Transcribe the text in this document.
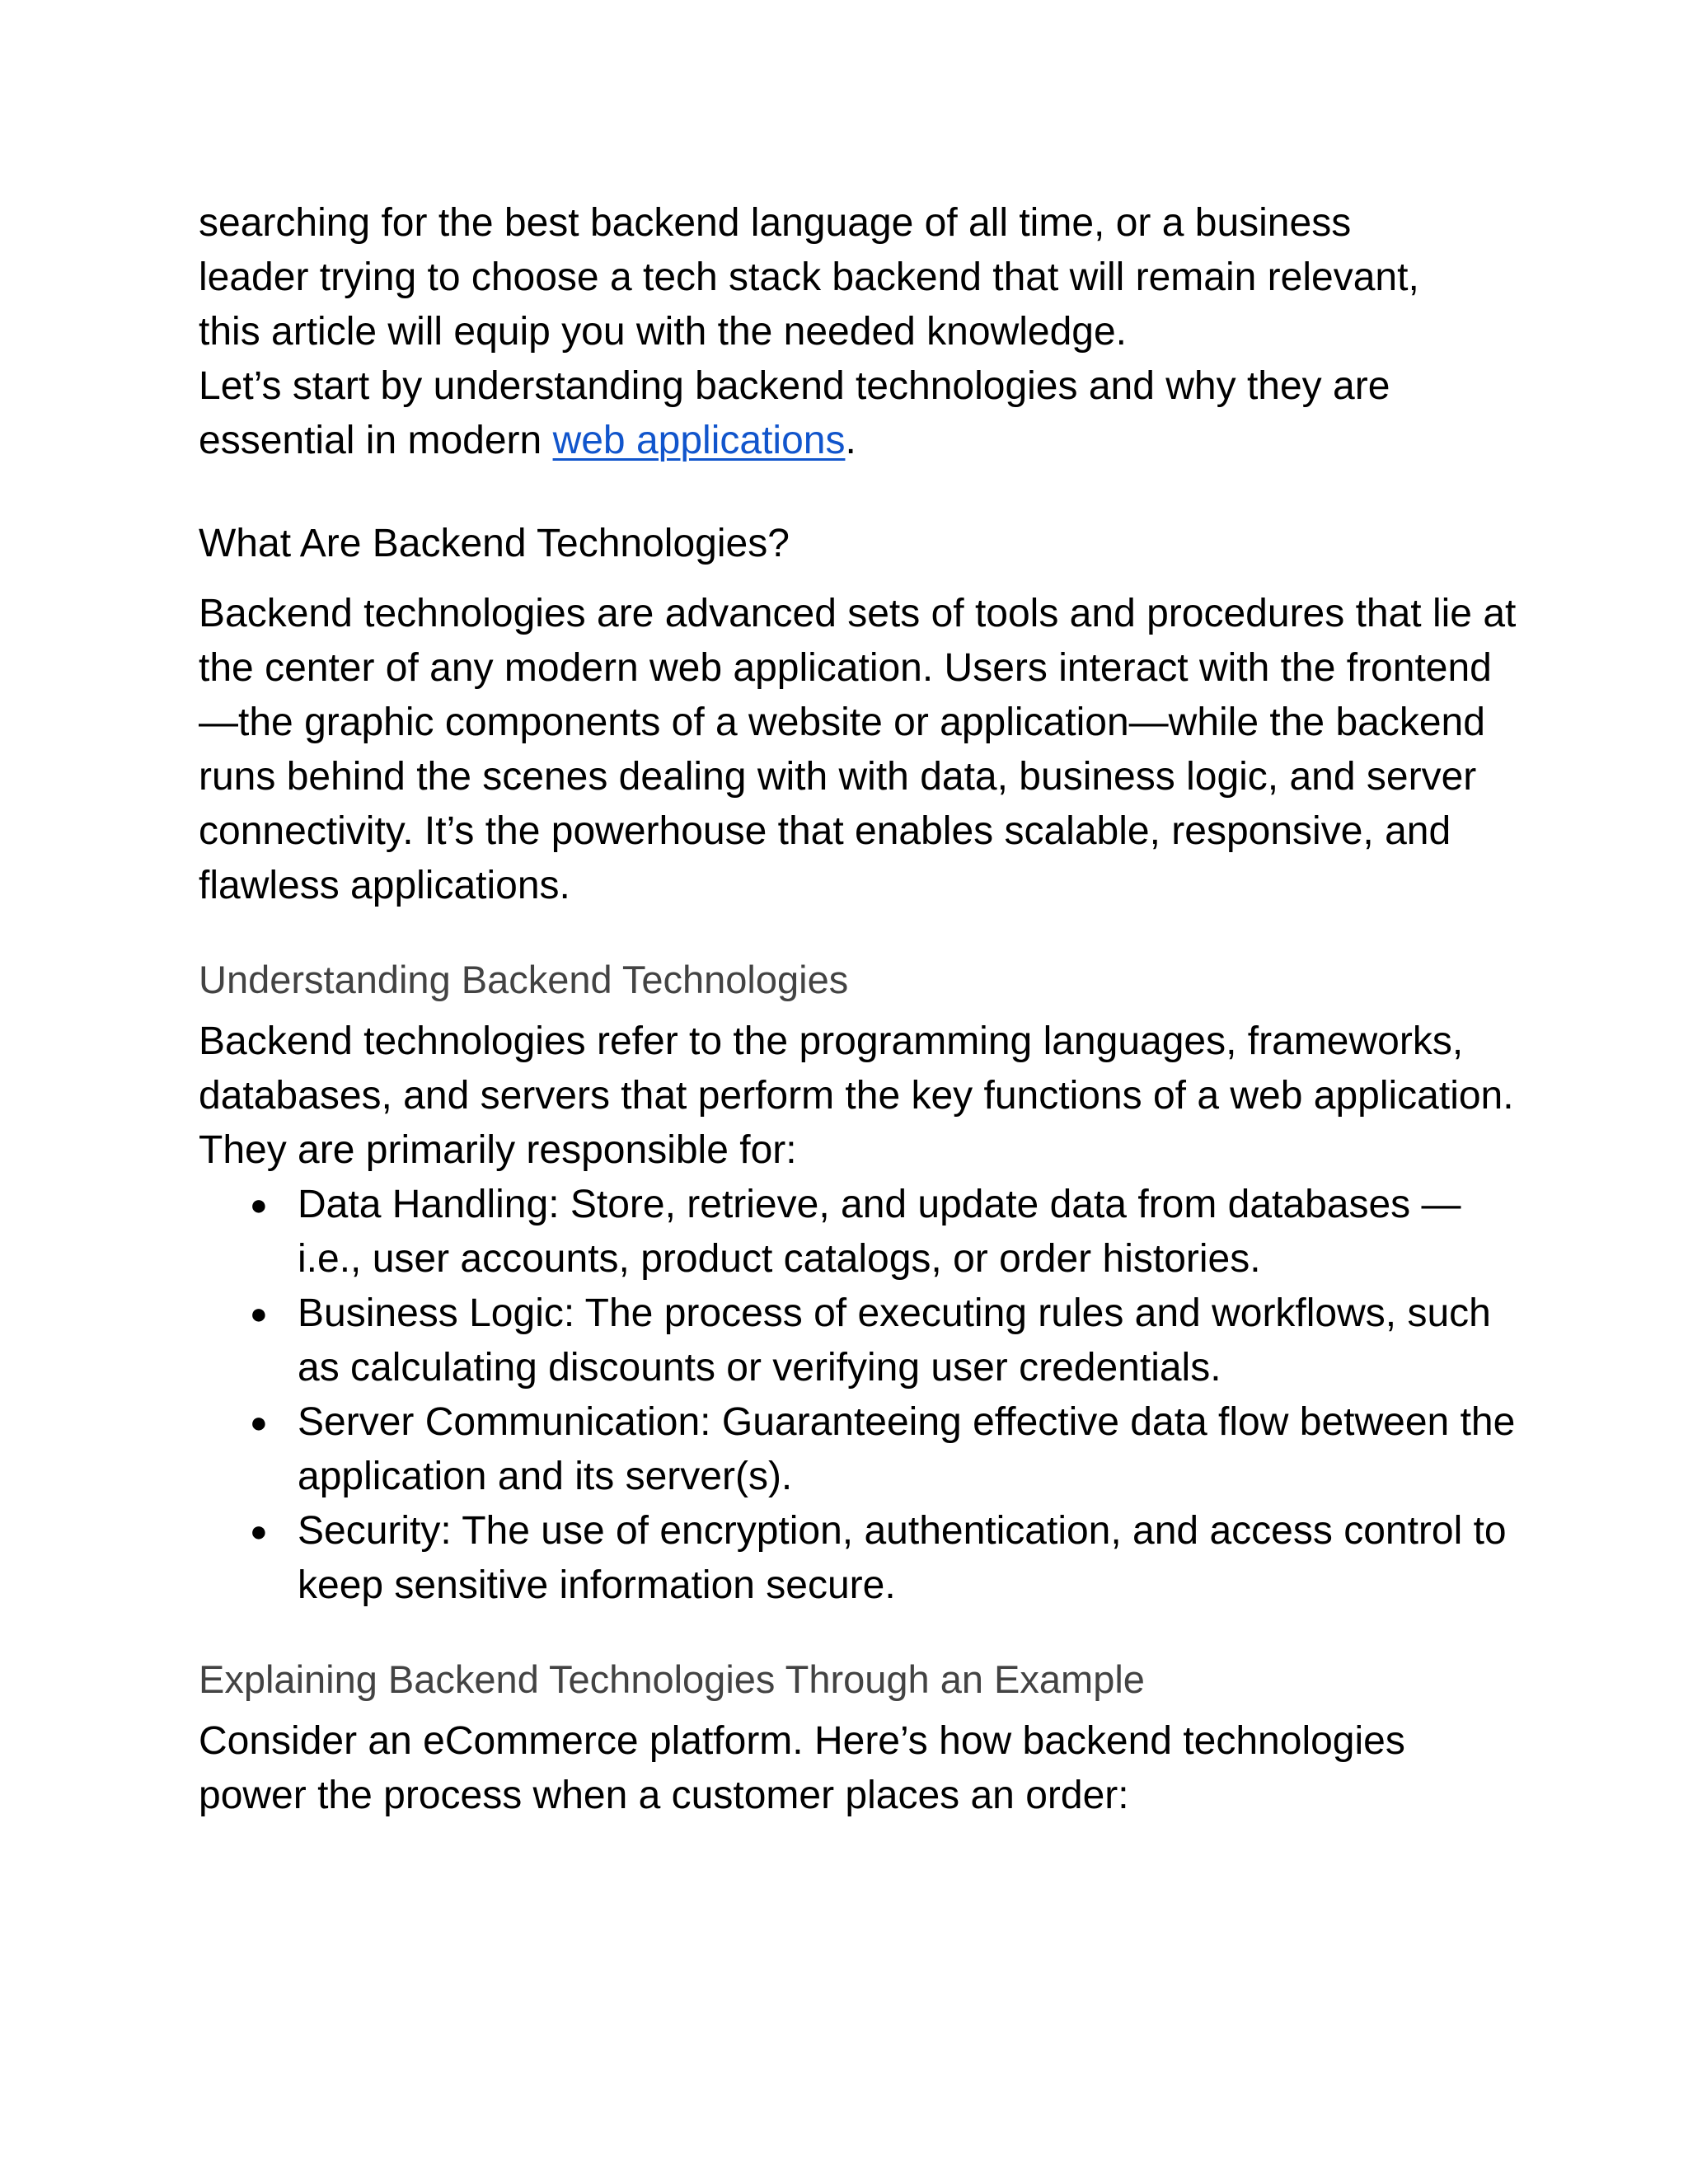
searching for the best backend language of all time, or a business

leader trying to choose a tech stack backend that will remain relevant,

this article will equip you with the needed knowledge.

Let’s start by understanding backend technologies and why they are

essential in modern web applications.

What Are Backend Technologies?

Backend technologies are advanced sets of tools and procedures that lie at the center of any modern web application. Users interact with the frontend—the graphic components of a website or application—while the backend runs behind the scenes dealing with with data, business logic, and server connectivity. It’s the powerhouse that enables scalable, responsive, and flawless applications.

Understanding Backend Technologies

Backend technologies refer to the programming languages, frameworks, databases, and servers that perform the key functions of a web application. They are primarily responsible for:

● Data Handling: Store, retrieve, and update data from databases — i.e., user accounts, product catalogs, or order histories.
● Business Logic: The process of executing rules and workflows, such as calculating discounts or verifying user credentials.
● Server Communication: Guaranteeing effective data flow between the application and its server(s).
● Security: The use of encryption, authentication, and access control to keep sensitive information secure.
Explaining Backend Technologies Through an Example

Consider an eCommerce platform. Here’s how backend technologies power the process when a customer places an order:
